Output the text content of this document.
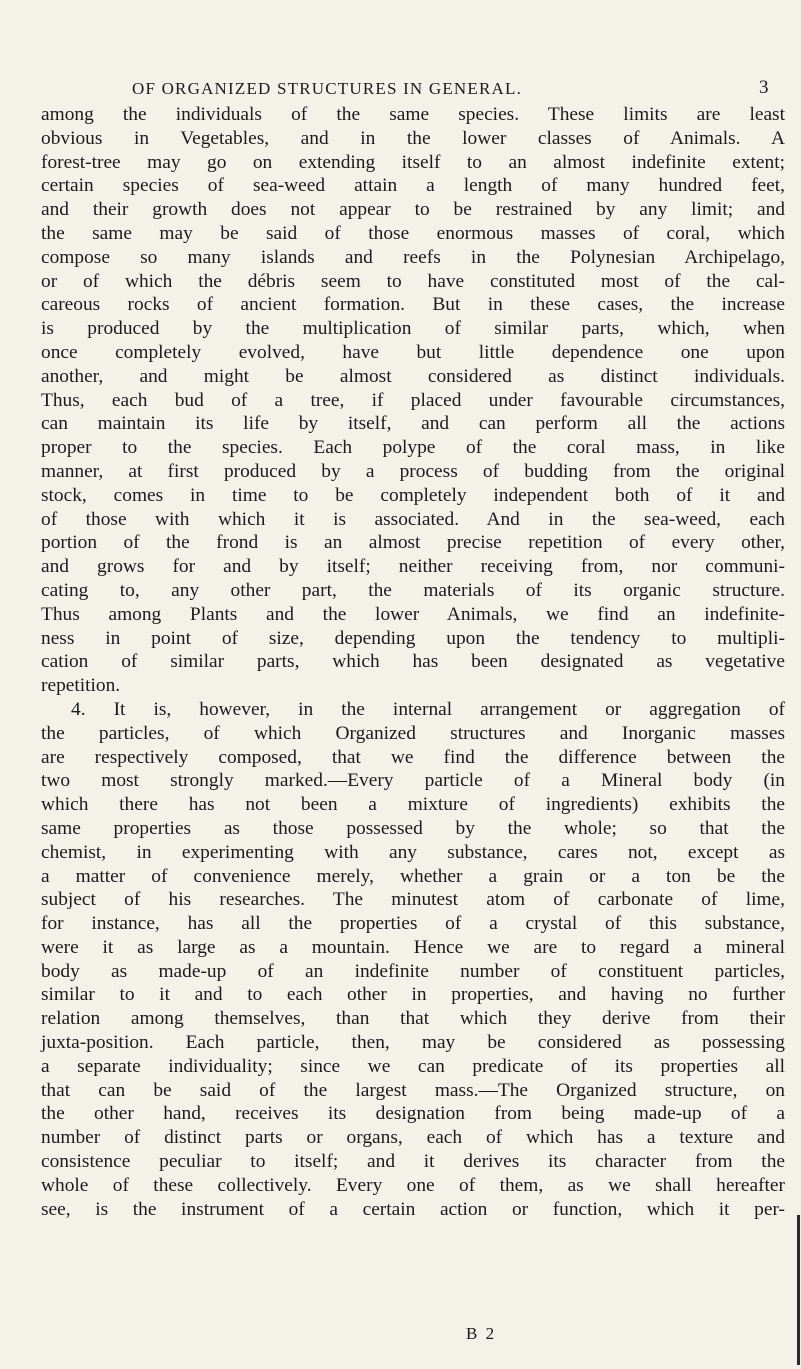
OF ORGANIZED STRUCTURES IN GENERAL.	3
among the individuals of the same species. These limits are least
obvious in Vegetables, and in the lower classes of Animals. A
forest-tree may go on extending itself to an almost indefinite extent;
certain species of sea-weed attain a length of many hundred feet,
and their growth does not appear to be restrained by any limit; and
the same may be said of those enormous masses of coral, which
compose so many islands and reefs in the Polynesian Archipelago,
or of which the débris seem to have constituted most of the cal-
careous rocks of ancient formation. But in these cases, the increase
is produced by the multiplication of similar parts, which, when
once completely evolved, have but little dependence one upon
another, and might be almost considered as distinct individuals.
Thus, each bud of a tree, if placed under favourable circumstances,
can maintain its life by itself, and can perform all the actions
proper to the species. Each polype of the coral mass, in like
manner, at first produced by a process of budding from the original
stock, comes in time to be completely independent both of it and
of those with which it is associated. And in the sea-weed, each
portion of the frond is an almost precise repetition of every other,
and grows for and by itself; neither receiving from, nor communi-
cating to, any other part, the materials of its organic structure.
Thus among Plants and the lower Animals, we find an indefinite-
ness in point of size, depending upon the tendency to multipli-
cation of similar parts, which has been designated as vegetative
repetition.
4. It is, however, in the internal arrangement or aggregation of
the particles, of which Organized structures and Inorganic masses
are respectively composed, that we find the difference between the
two most strongly marked.—Every particle of a Mineral body (in
which there has not been a mixture of ingredients) exhibits the
same properties as those possessed by the whole; so that the
chemist, in experimenting with any substance, cares not, except as
a matter of convenience merely, whether a grain or a ton be the
subject of his researches. The minutest atom of carbonate of lime,
for instance, has all the properties of a crystal of this substance,
were it as large as a mountain. Hence we are to regard a mineral
body as made-up of an indefinite number of constituent particles,
similar to it and to each other in properties, and having no further
relation among themselves, than that which they derive from their
juxta-position. Each particle, then, may be considered as possessing
a separate individuality; since we can predicate of its properties all
that can be said of the largest mass.—The Organized structure, on
the other hand, receives its designation from being made-up of a
number of distinct parts or organs, each of which has a texture and
consistence peculiar to itself; and it derives its character from the
whole of these collectively. Every one of them, as we shall hereafter
see, is the instrument of a certain action or function, which it per-
B 2
